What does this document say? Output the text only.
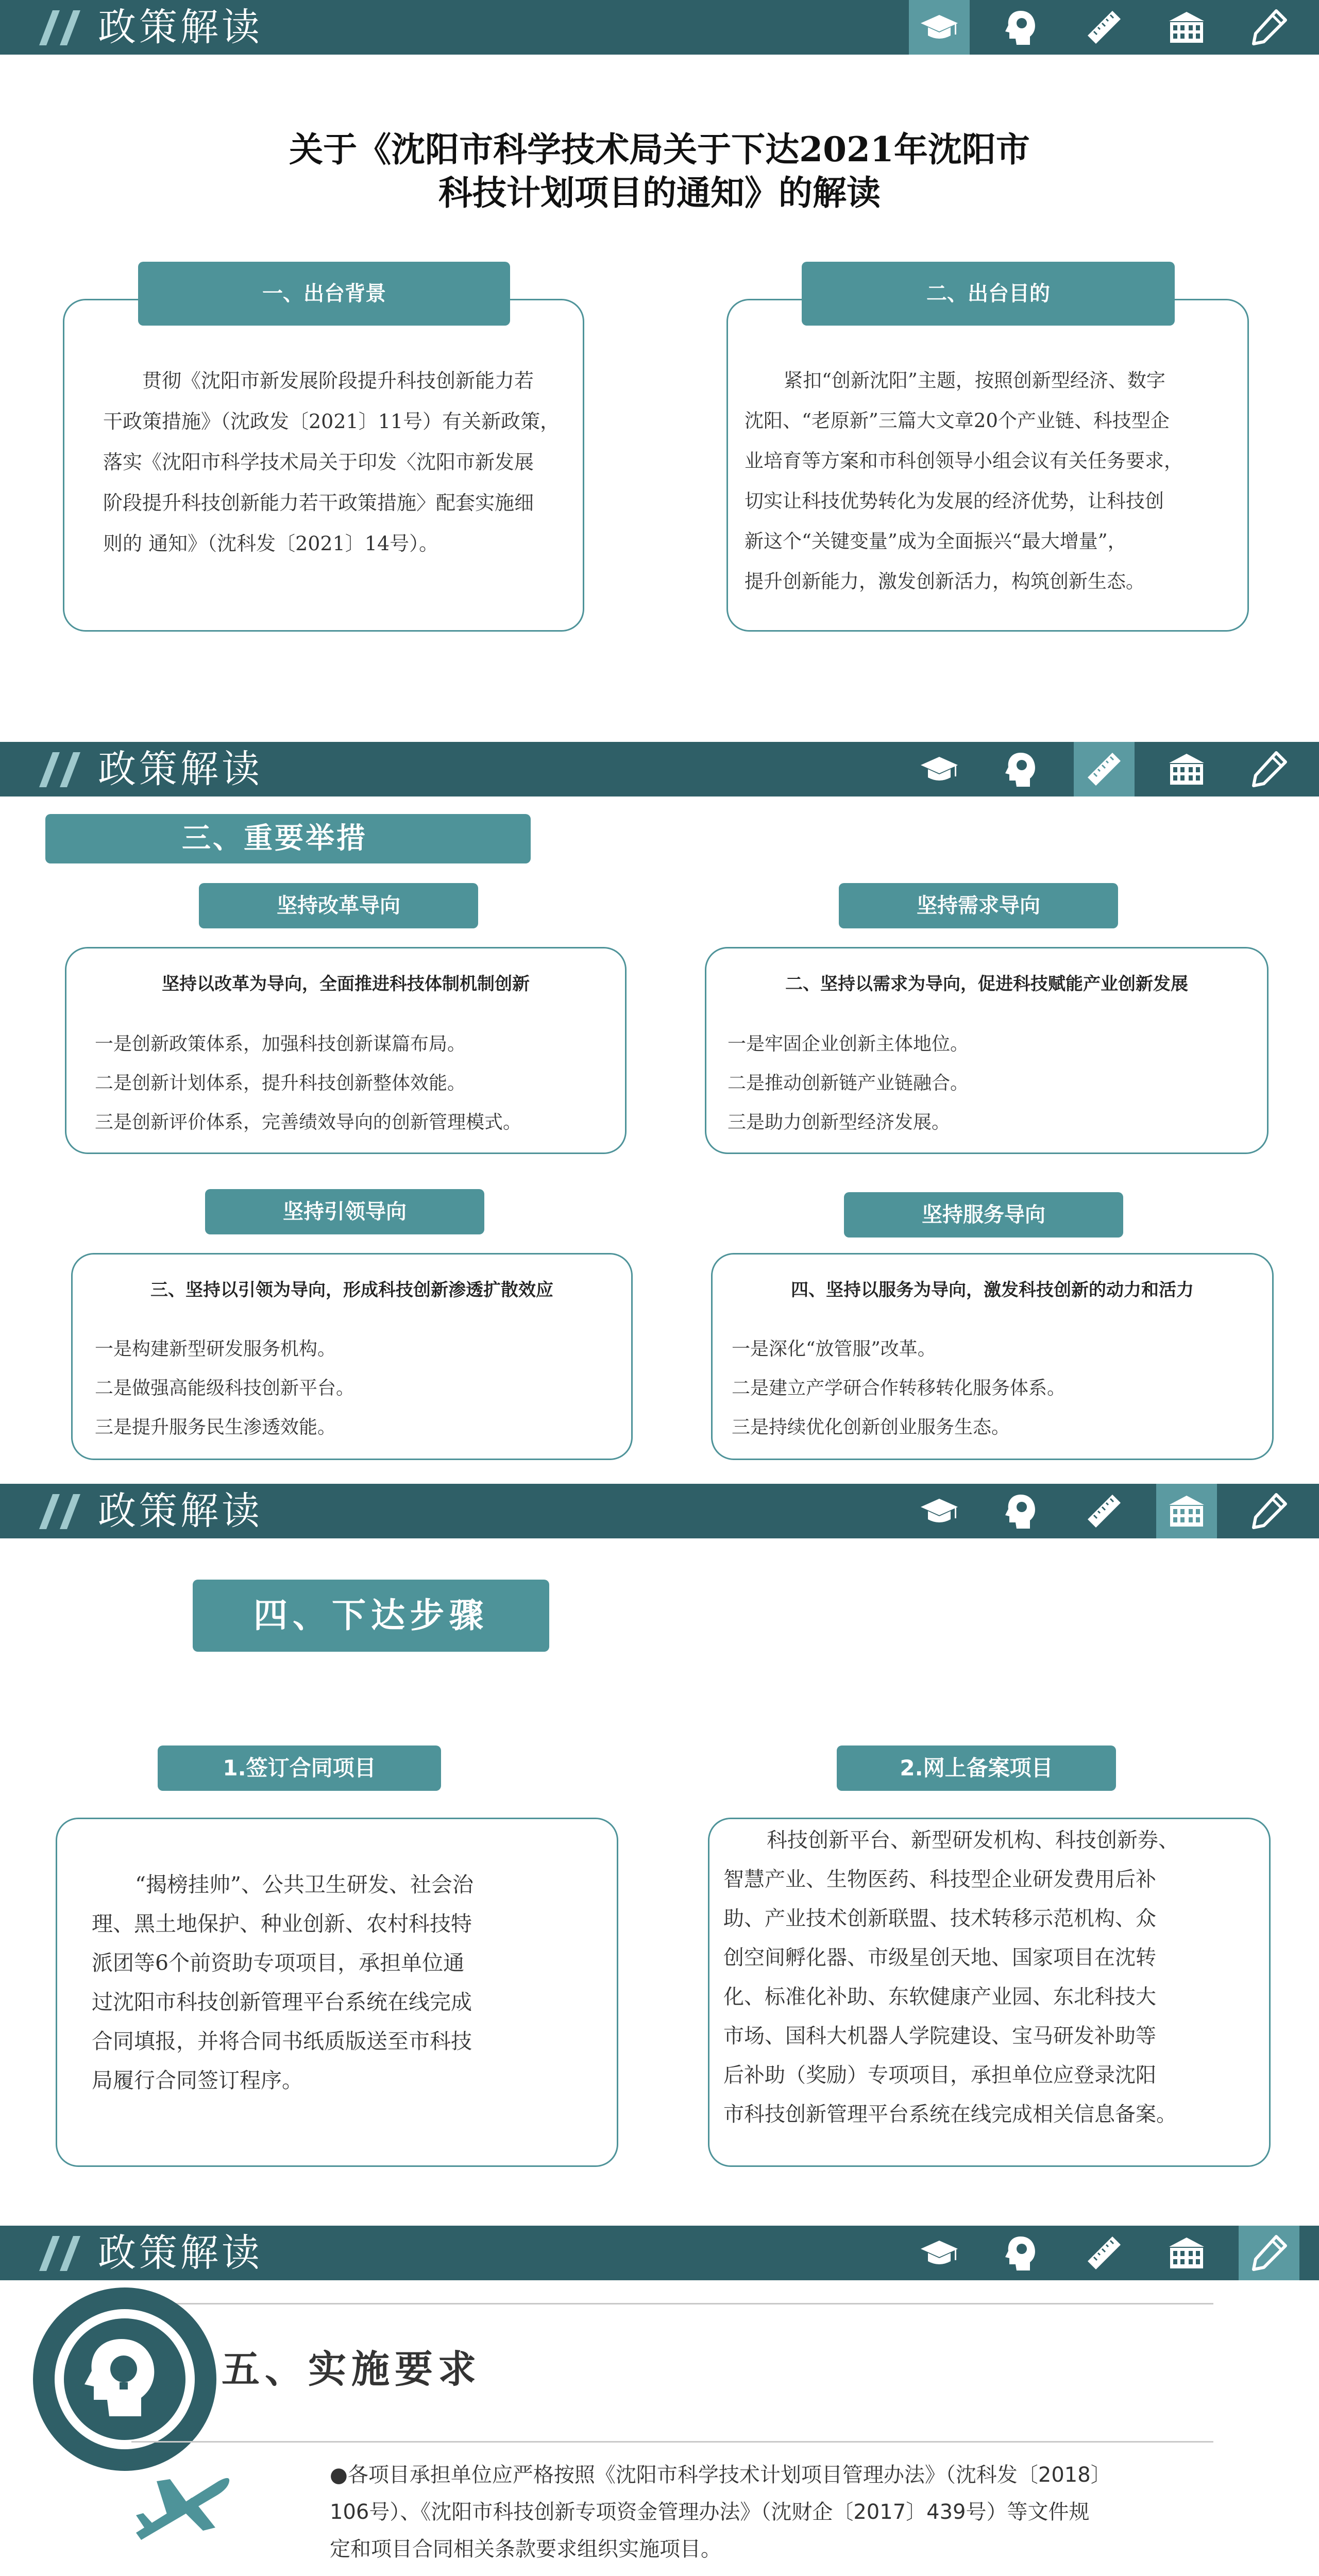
政策解读
关于《沈阳市科学技术局关于下达2021年沈阳市
科技计划项目的通知》的解读
一、出台背景
贯彻《沈阳市新发展阶段提升科技创新能力若
干政策措施》（沈政发〔2021〕11号）有关新政策，
落实《沈阳市科学技术局关于印发〈沈阳市新发展
阶段提升科技创新能力若干政策措施〉配套实施细
则的 通知》（沈科发〔2021〕14号）。
二、出台目的
紧扣“创新沈阳”主题，按照创新型经济、数字
沈阳、“老原新”三篇大文章20个产业链、科技型企
业培育等方案和市科创领导小组会议有关任务要求，
切实让科技优势转化为发展的经济优势，让科技创
新这个“关键变量”成为全面振兴“最大增量”，
提升创新能力，激发创新活力，构筑创新生态。
政策解读
三、重要举措
坚持改革导向
坚持以改革为导向，全面推进科技体制机制创新
一是创新政策体系，加强科技创新谋篇布局。
二是创新计划体系，提升科技创新整体效能。
三是创新评价体系，完善绩效导向的创新管理模式。
坚持需求导向
二、坚持以需求为导向，促进科技赋能产业创新发展
一是牢固企业创新主体地位。
二是推动创新链产业链融合。
三是助力创新型经济发展。
坚持引领导向
三、坚持以引领为导向，形成科技创新渗透扩散效应
一是构建新型研发服务机构。
二是做强高能级科技创新平台。
三是提升服务民生渗透效能。
坚持服务导向
四、坚持以服务为导向，激发科技创新的动力和活力
一是深化“放管服”改革。
二是建立产学研合作转移转化服务体系。
三是持续优化创新创业服务生态。
政策解读
四、下达步骤
1.签订合同项目
“揭榜挂帅”、公共卫生研发、社会治
理、黑土地保护、种业创新、农村科技特
派团等6个前资助专项项目，承担单位通
过沈阳市科技创新管理平台系统在线完成
合同填报，并将合同书纸质版送至市科技
局履行合同签订程序。
2.网上备案项目
科技创新平台、新型研发机构、科技创新券、
智慧产业、生物医药、科技型企业研发费用后补
助、产业技术创新联盟、技术转移示范机构、众
创空间孵化器、市级星创天地、国家项目在沈转
化、标准化补助、东软健康产业园、东北科技大
市场、国科大机器人学院建设、宝马研发补助等
后补助（奖励）专项项目，承担单位应登录沈阳
市科技创新管理平台系统在线完成相关信息备案。
政策解读
五、实施要求
●各项目承担单位应严格按照《沈阳市科学技术计划项目管理办法》（沈科发〔2018〕
106号）、《沈阳市科技创新专项资金管理办法》（沈财企〔2017〕439号）等文件规
定和项目合同相关条款要求组织实施项目。
